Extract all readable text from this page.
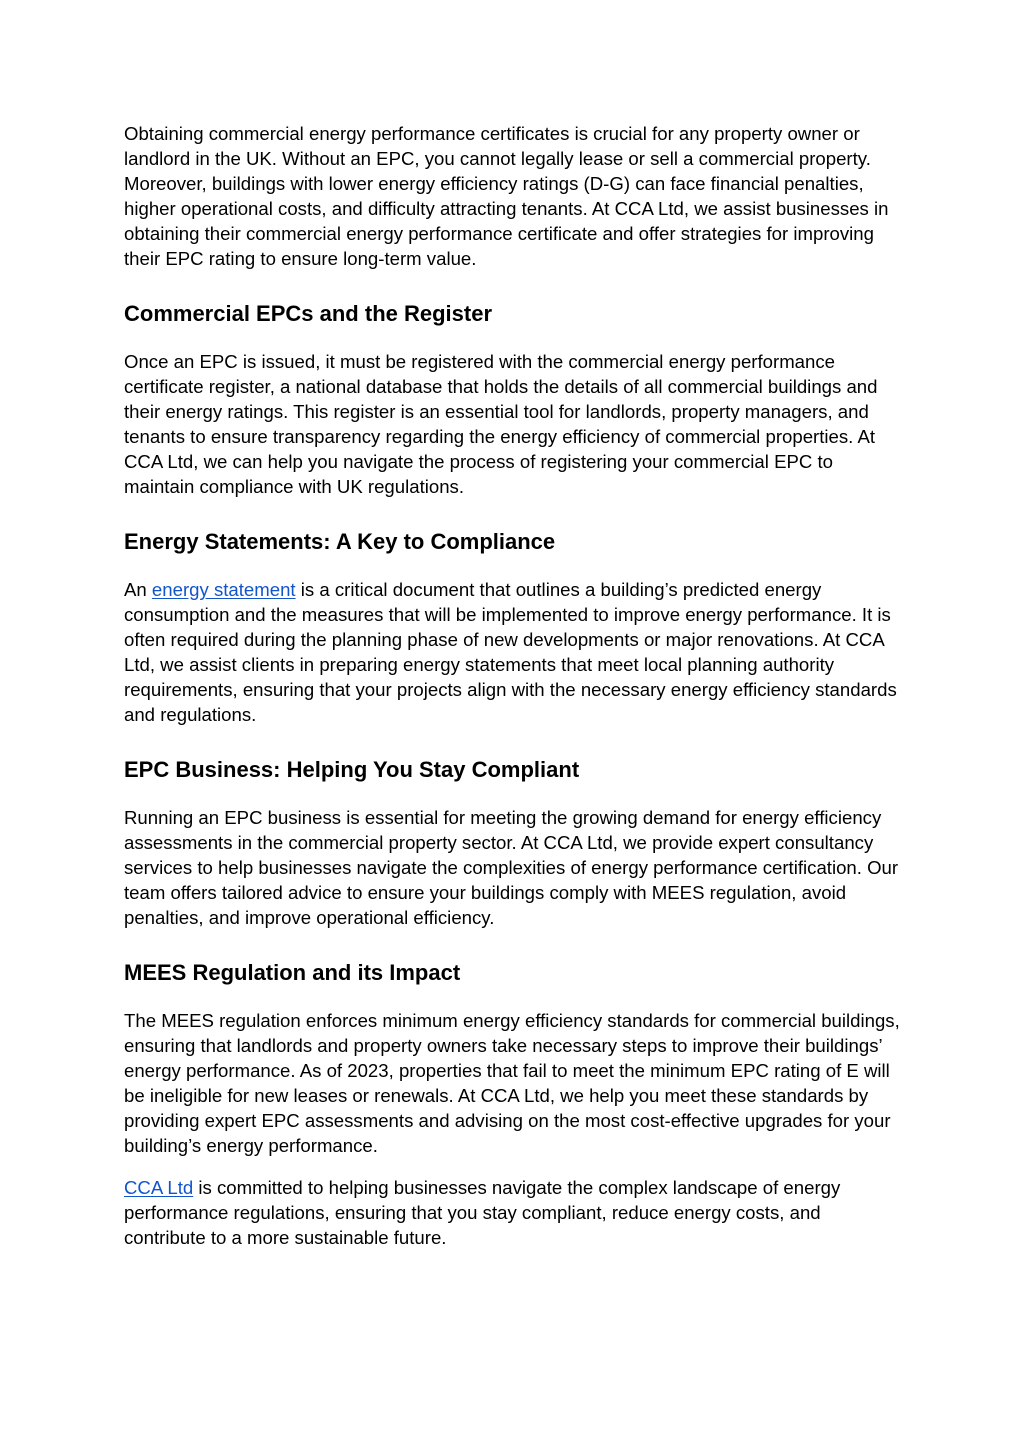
Obtaining commercial energy performance certificates is crucial for any property owner or landlord in the UK. Without an EPC, you cannot legally lease or sell a commercial property. Moreover, buildings with lower energy efficiency ratings (D-G) can face financial penalties, higher operational costs, and difficulty attracting tenants. At CCA Ltd, we assist businesses in obtaining their commercial energy performance certificate and offer strategies for improving their EPC rating to ensure long-term value.

Commercial EPCs and the Register

Once an EPC is issued, it must be registered with the commercial energy performance certificate register, a national database that holds the details of all commercial buildings and their energy ratings. This register is an essential tool for landlords, property managers, and tenants to ensure transparency regarding the energy efficiency of commercial properties. At CCA Ltd, we can help you navigate the process of registering your commercial EPC to maintain compliance with UK regulations.

Energy Statements: A Key to Compliance

An energy statement is a critical document that outlines a building’s predicted energy consumption and the measures that will be implemented to improve energy performance. It is often required during the planning phase of new developments or major renovations. At CCA Ltd, we assist clients in preparing energy statements that meet local planning authority requirements, ensuring that your projects align with the necessary energy efficiency standards and regulations.

EPC Business: Helping You Stay Compliant

Running an EPC business is essential for meeting the growing demand for energy efficiency assessments in the commercial property sector. At CCA Ltd, we provide expert consultancy services to help businesses navigate the complexities of energy performance certification. Our team offers tailored advice to ensure your buildings comply with MEES regulation, avoid penalties, and improve operational efficiency.

MEES Regulation and its Impact

The MEES regulation enforces minimum energy efficiency standards for commercial buildings, ensuring that landlords and property owners take necessary steps to improve their buildings’ energy performance. As of 2023, properties that fail to meet the minimum EPC rating of E will be ineligible for new leases or renewals. At CCA Ltd, we help you meet these standards by providing expert EPC assessments and advising on the most cost-effective upgrades for your building’s energy performance.

CCA Ltd is committed to helping businesses navigate the complex landscape of energy performance regulations, ensuring that you stay compliant, reduce energy costs, and contribute to a more sustainable future.
